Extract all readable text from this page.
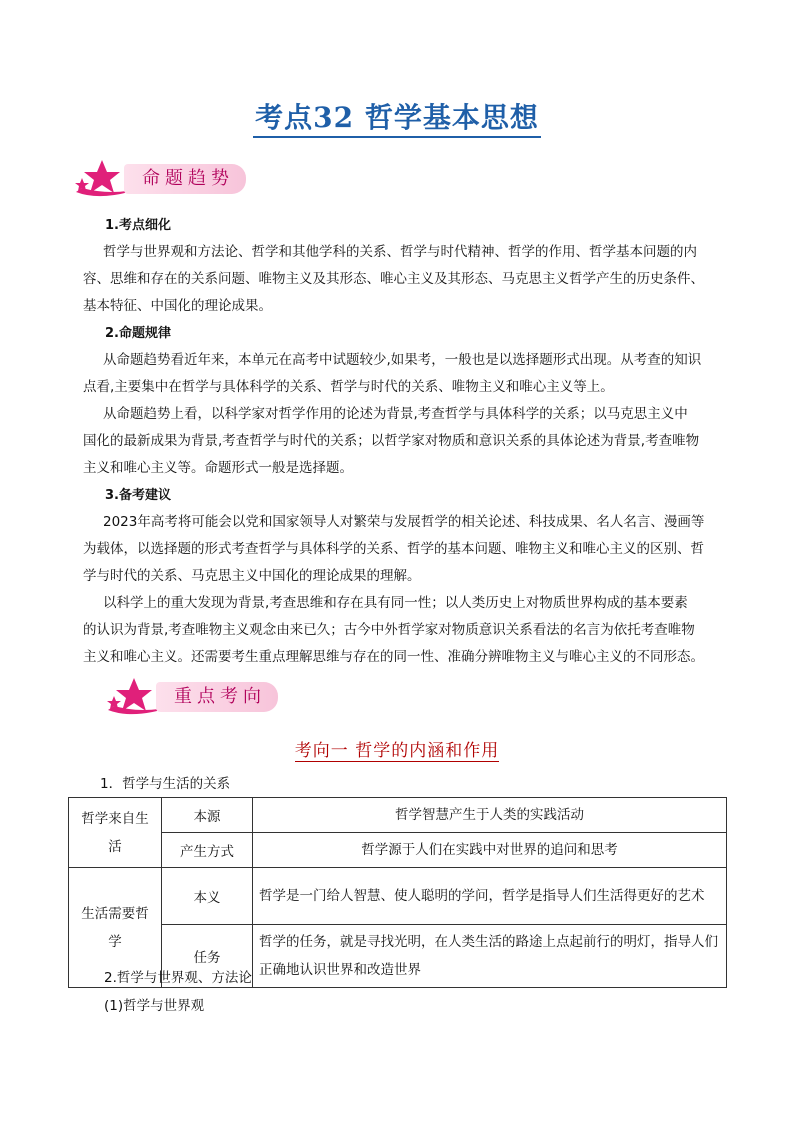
考点32 哲学基本思想
命题趋势
1.考点细化
哲学与世界观和方法论、哲学和其他学科的关系、哲学与时代精神、哲学的作用、哲学基本问题的内
容、思维和存在的关系问题、唯物主义及其形态、唯心主义及其形态、马克思主义哲学产生的历史条件、
基本特征、中国化的理论成果。
2.命题规律
从命题趋势看近年来，本单元在高考中试题较少,如果考，一般也是以选择题形式出现。从考查的知识
点看,主要集中在哲学与具体科学的关系、哲学与时代的关系、唯物主义和唯心主义等上。
从命题趋势上看，以科学家对哲学作用的论述为背景,考查哲学与具体科学的关系；以马克思主义中
国化的最新成果为背景,考查哲学与时代的关系；以哲学家对物质和意识关系的具体论述为背景,考查唯物
主义和唯心主义等。命题形式一般是选择题。
3.备考建议
2023年高考将可能会以党和国家领导人对繁荣与发展哲学的相关论述、科技成果、名人名言、漫画等
为载体，以选择题的形式考查哲学与具体科学的关系、哲学的基本问题、唯物主义和唯心主义的区别、哲
学与时代的关系、马克思主义中国化的理论成果的理解。
以科学上的重大发现为背景,考查思维和存在具有同一性；以人类历史上对物质世界构成的基本要素
的认识为背景,考查唯物主义观念由来已久；古今中外哲学家对物质意识关系看法的名言为依托考查唯物
主义和唯心主义。还需要考生重点理解思维与存在的同一性、准确分辨唯物主义与唯心主义的不同形态。
重点考向
考向一 哲学的内涵和作用
1．哲学与生活的关系
哲学来自生活	本源	哲学智慧产生于人类的实践活动
	产生方式	哲学源于人们在实践中对世界的追问和思考
生活需要哲学	本义	哲学是一门给人智慧、使人聪明的学问，哲学是指导人们生活得更好的艺术
	任务	哲学的任务，就是寻找光明，在人类生活的路途上点起前行的明灯，指导人们正确地认识世界和改造世界
2.哲学与世界观、方法论
(1)哲学与世界观
